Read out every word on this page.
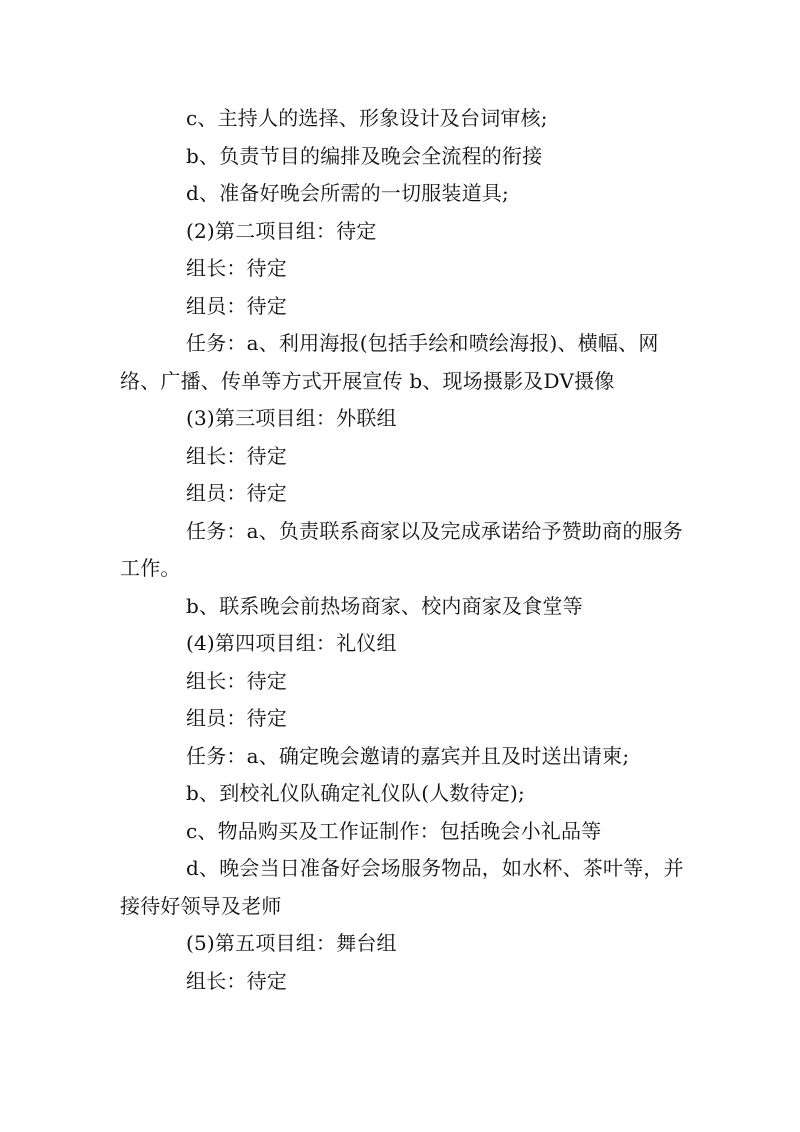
c、主持人的选择、形象设计及台词审核;

b、负责节目的编排及晚会全流程的衔接

d、准备好晚会所需的一切服装道具;

(2)第二项目组：待定

组长：待定

组员：待定

任务：a、利用海报(包括手绘和喷绘海报)、横幅、网络、广播、传单等方式开展宣传 b、现场摄影及DV摄像

(3)第三项目组：外联组

组长：待定

组员：待定

任务：a、负责联系商家以及完成承诺给予赞助商的服务工作。

b、联系晚会前热场商家、校内商家及食堂等

(4)第四项目组：礼仪组

组长：待定

组员：待定

任务：a、确定晚会邀请的嘉宾并且及时送出请柬;

b、到校礼仪队确定礼仪队(人数待定);

c、物品购买及工作证制作：包括晚会小礼品等

d、晚会当日准备好会场服务物品，如水杯、茶叶等，并接待好领导及老师

(5)第五项目组：舞台组

组长：待定
